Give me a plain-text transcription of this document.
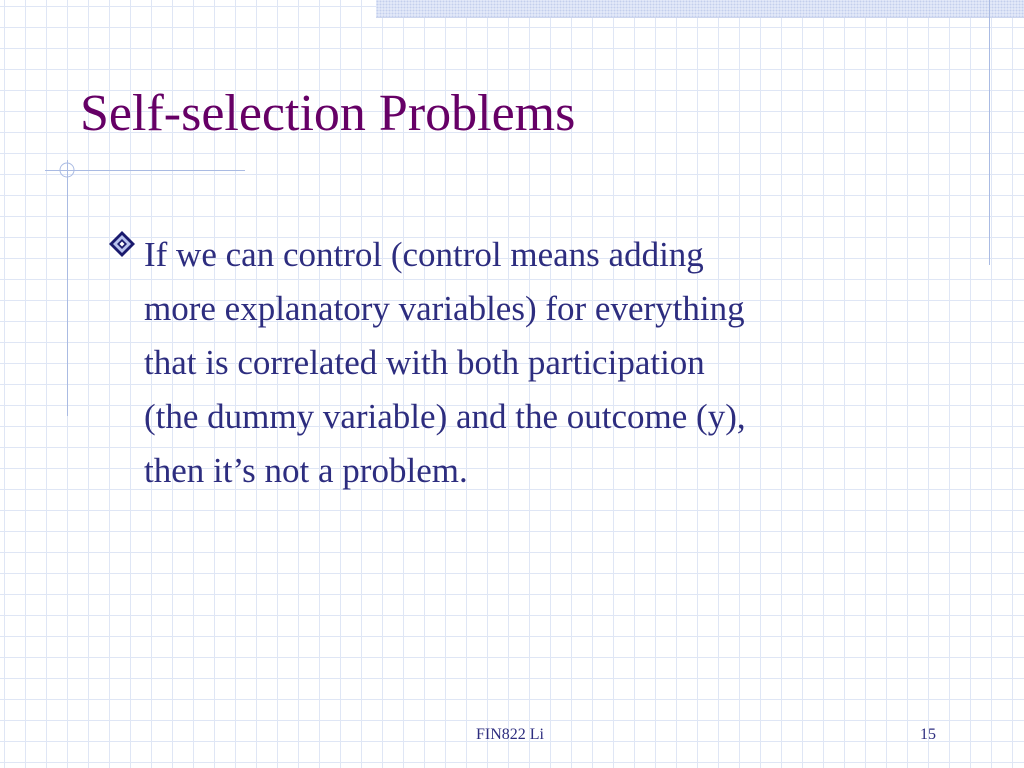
Self-selection Problems

If we can control (control means adding
more explanatory variables) for everything
that is correlated with both participation
(the dummy variable) and the outcome (y),
then it’s not a problem.

FIN822 Li	15
